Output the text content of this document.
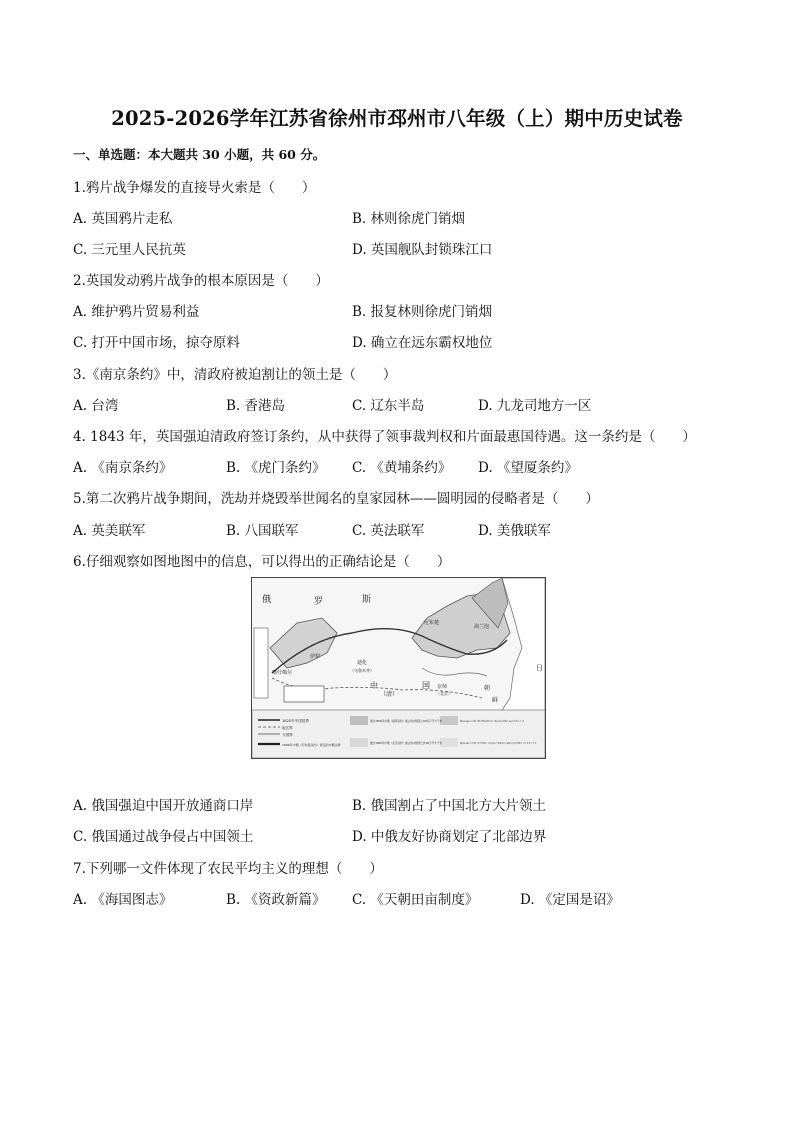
2025-2026学年江苏省徐州市邳州市八年级（上）期中历史试卷
一、单选题：本大题共 30 小题，共 60 分。
1.鸦片战争爆发的直接导火索是（　　）
A. 英国鸦片走私	B. 林则徐虎门销烟
C. 三元里人民抗英	D. 英国舰队封锁珠江口
2.英国发动鸦片战争的根本原因是（　　）
A. 维护鸦片贸易利益	B. 报复林则徐虎门销烟
C. 打开中国市场，掠夺原料	D. 确立在远东霸权地位
3.《南京条约》中，清政府被迫割让的领土是（　　）
A. 台湾	B. 香港岛	C. 辽东半岛	D. 九龙司地方一区
4. 1843 年，英国强迫清政府签订条约，从中获得了领事裁判权和片面最惠国待遇。这一条约是（　　）
A. 《南京条约》	B. 《虎门条约》 C. 《黄埔条约》 D. 《望厦条约》
5.第二次鸦片战争期间，洗劫并烧毁举世闻名的皇家园林——圆明园的侵略者是（　　）
A. 英美联军	B. 八国联军	C. 英法联军	D. 美俄联军
6.仔细观察如图地图中的信息，可以得出的正确结论是（　　）
俄	罗	斯
尼布楚
海兰泡
伊犁
迪化
（乌鲁木齐）
中
（清）
国 京师
（北京）
喀什噶尔
日
鲜
朝
1820年中国国界
地区界
今国界
1689年中俄《尼布楚条约》规定的中俄边界
通过1858年中俄《瑷珲条约》割占的中国领土60多万平方千米
通过1860年中俄《北京条约》割占的中国领土约40万平方千米
通过1864年中俄《勘分西北界约记》割占的中国领土44万多平方千米
通过1881年中俄《改订条约》以后的5个勘界议定书割占的中国领土7万多平方千米
A. 俄国强迫中国开放通商口岸	B. 俄国割占了中国北方大片领土
C. 俄国通过战争侵占中国领土	D. 中俄友好协商划定了北部边界
7.下列哪一文件体现了农民平均主义的理想（　　）
A. 《海国图志》	B. 《资政新篇》 C. 《天朝田亩制度》	D. 《定国是诏》
